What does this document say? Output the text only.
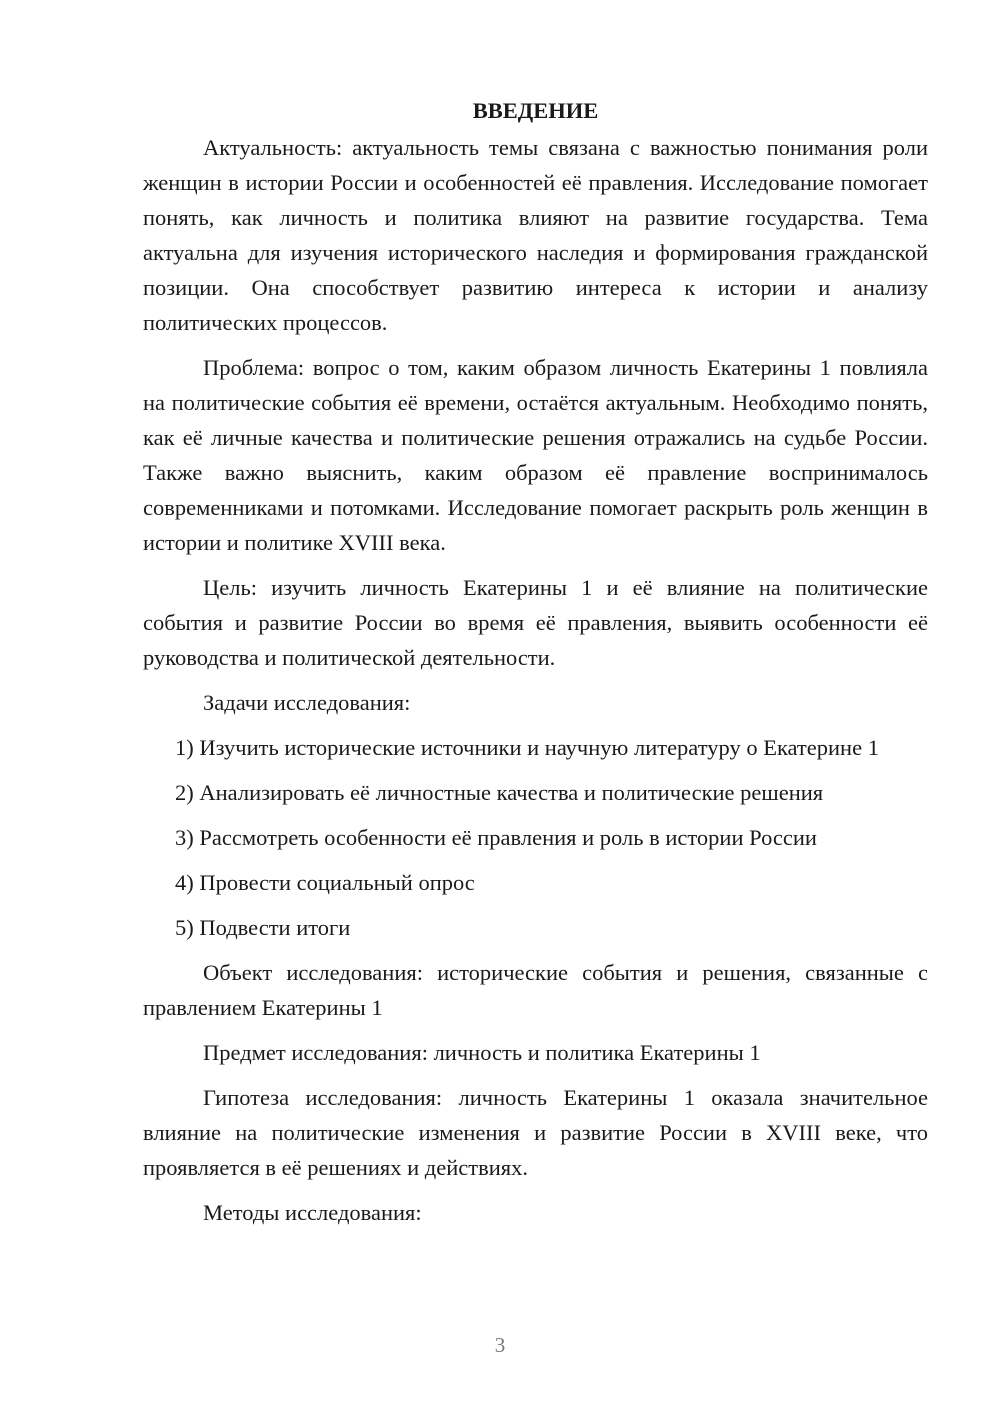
ВВЕДЕНИЕ

Актуальность: актуальность темы связана с важностью понимания роли женщин в истории России и особенностей её правления. Исследование помогает понять, как личность и политика влияют на развитие государства. Тема актуальна для изучения исторического наследия и формирования гражданской позиции. Она способствует развитию интереса к истории и анализу политических процессов.

Проблема: вопрос о том, каким образом личность Екатерины 1 повлияла на политические события её времени, остаётся актуальным. Необходимо понять, как её личные качества и политические решения отражались на судьбе России. Также важно выяснить, каким образом её правление воспринималось современниками и потомками. Исследование помогает раскрыть роль женщин в истории и политике XVIII века.

Цель: изучить личность Екатерины 1 и её влияние на политические события и развитие России во время её правления, выявить особенности её руководства и политической деятельности.

Задачи исследования:

1) Изучить исторические источники и научную литературу о Екатерине 1

2) Анализировать её личностные качества и политические решения

3) Рассмотреть особенности её правления и роль в истории России

4) Провести социальный опрос

5) Подвести итоги

Объект исследования: исторические события и решения, связанные с правлением Екатерины 1

Предмет исследования: личность и политика Екатерины 1

Гипотеза исследования: личность Екатерины 1 оказала значительное влияние на политические изменения и развитие России в XVIII веке, что проявляется в её решениях и действиях.

Методы исследования:

3
